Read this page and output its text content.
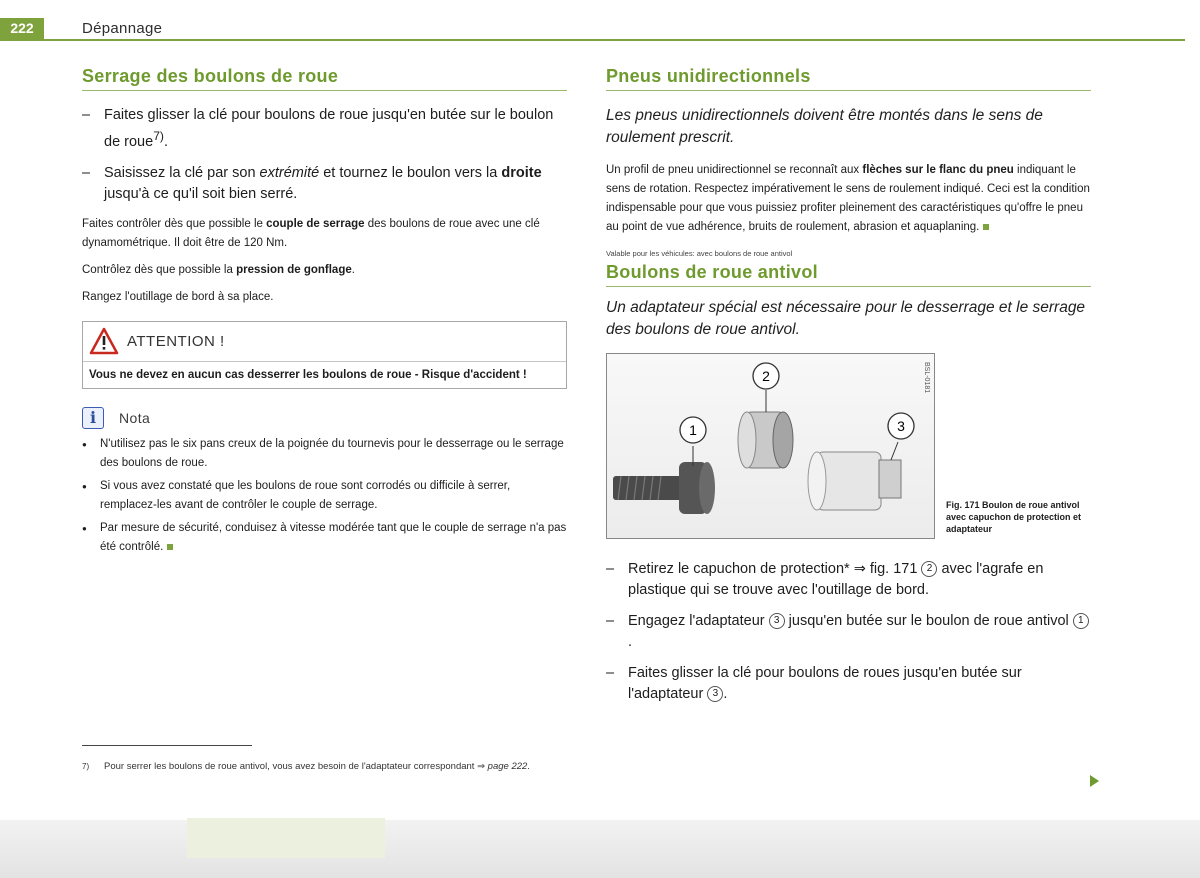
222	Dépannage
Serrage des boulons de roue
– Faites glisser la clé pour boulons de roue jusqu'en butée sur le boulon de roue$^{7)}$.
– Saisissez la clé par son extrémité et tournez le boulon vers la droite jusqu'à ce qu'il soit bien serré.

Faites contrôler dès que possible le couple de serrage des boulons de roue avec une clé dynamométrique. Il doit être de 120 Nm.

Contrôlez dès que possible la pression de gonflage.

Rangez l'outillage de bord à sa place.

ATTENTION !
Vous ne devez en aucun cas desserrer les boulons de roue - Risque d'accident !
i	Nota
● N'utilisez pas le six pans creux de la poignée du tournevis pour le desserrage ou le serrage des boulons de roue.
● Si vous avez constaté que les boulons de roue sont corrodés ou difficile à serrer, remplacez-les avant de contrôler le couple de serrage.
● Par mesure de sécurité, conduisez à vitesse modérée tant que le couple de serrage n'a pas été contrôlé.
7) Pour serrer les boulons de roue antivol, vous avez besoin de l'adaptateur correspondant ⇒ page 222.
Pneus unidirectionnels

Les pneus unidirectionnels doivent être montés dans le sens de roulement prescrit.

Un profil de pneu unidirectionnel se reconnaît aux flèches sur le flanc du pneu indiquant le sens de rotation. Respectez impérativement le sens de roulement indiqué. Ceci est la condition indispensable pour que vous puissiez profiter pleinement des caractéristiques qu'offre le pneu au point de vue adhérence, bruits de roulement, abrasion et aquaplaning.

Valable pour les véhicules: avec boulons de roue antivol
Boulons de roue antivol

Un adaptateur spécial est nécessaire pour le desserrage et le serrage des boulons de roue antivol.

BSL-0181
1
2
3
Fig. 171 Boulon de roue antivol avec capuchon de protection et adaptateur
– Retirez le capuchon de protection* ⇒ fig. 171 2 avec l'agrafe en plastique qui se trouve avec l'outillage de bord.
– Engagez l'adaptateur 3 jusqu'en butée sur le boulon de roue antivol 1.
– Faites glisser la clé pour boulons de roues jusqu'en butée sur l'adaptateur 3 .
